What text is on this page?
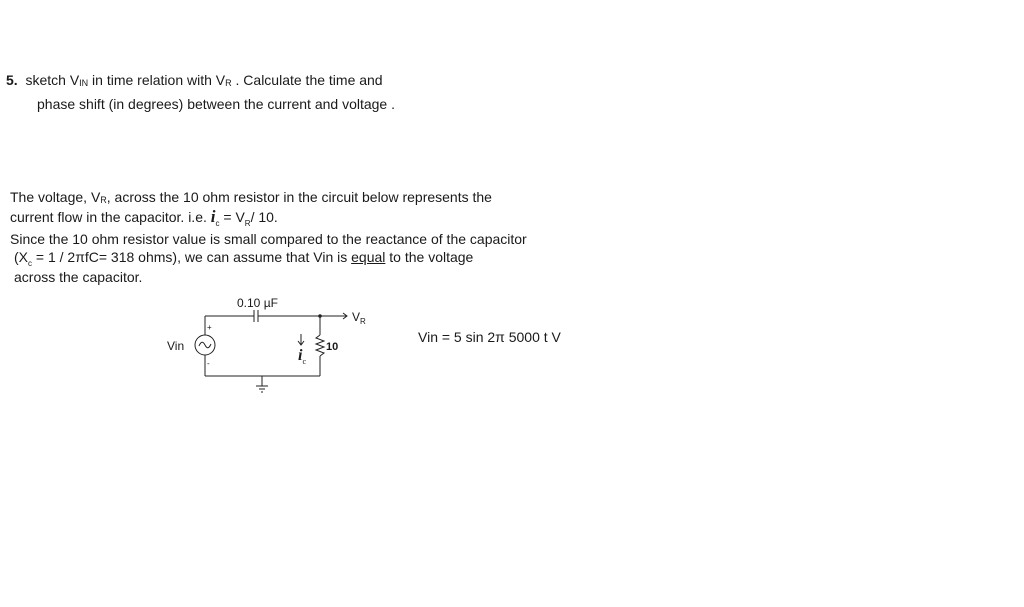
5. sketch VIN in time relation with VR . Calculate the time and
phase shift (in degrees) between the current and voltage .
The voltage, VR, across the 10 ohm resistor in the circuit below represents the
current flow in the capacitor. i.e. $i_c = V_R/$ 10.
Since the 10 ohm resistor value is small compared to the reactance of the capacitor
($X_c = 1 / 2\pi fC= 318$ ohms), we can assume that Vin is equal to the voltage
across the capacitor.
Vin = 5 sin 2π 5000 t V
0.10 µF
Vin
+
-
$V_R$
10
$i_c$
